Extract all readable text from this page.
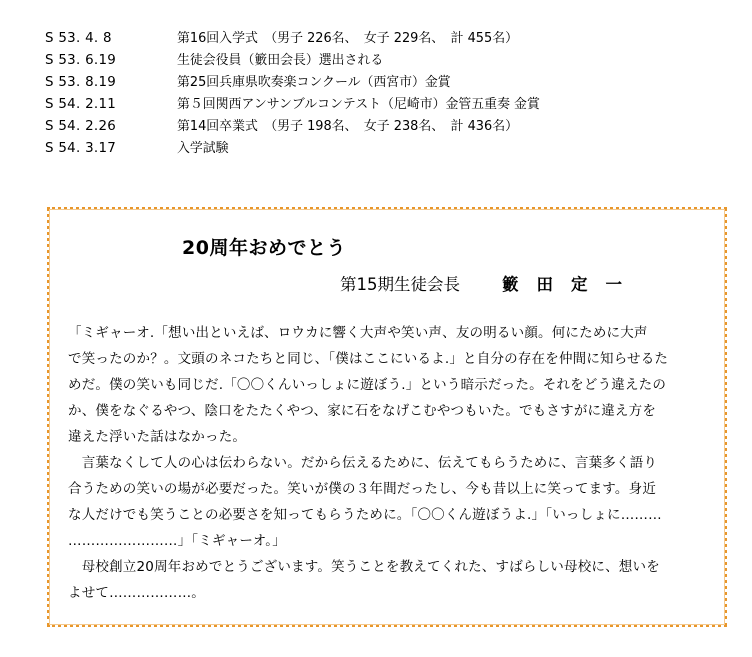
S 53. 4. 8	第16回入学式　（男子 226名、　女子 229名、　計 455名）
S 53. 6.19	生徒会役員（籔田会長）選出される
S 53. 8.19	第25回兵庫県吹奏楽コンクール（西宮市）金賞
S 54. 2.11	第５回関西アンサンブルコンテスト（尼崎市）金管五重奏 金賞
S 54. 2.26	第14回卒業式　（男子 198名、　女子 238名、　計 436名）
S 54. 3.17	入学試験
20周年おめでとう
第15期生徒会長	籔田定一
「ミギャーオ.「想い出といえば、ロウカに響く大声や笑い声、友の明るい顔。何にために大声
で笑ったのか？。文頭のネコたちと同じ、「僕はここにいるよ.」と自分の存在を仲間に知らせるた
めだ。僕の笑いも同じだ.「〇〇くんいっしょに遊ぼう.」という暗示だった。それをどう違えたの
か、僕をなぐるやつ、陰口をたたくやつ、家に石をなげこむやつもいた。でもさすがに違え方を
違えた浮いた話はなかった。
　言葉なくして人の心は伝わらない。だから伝えるために、伝えてもらうために、言葉多く語り
合うための笑いの場が必要だった。笑いが僕の３年間だったし、今も昔以上に笑ってます。身近
な人だけでも笑うことの必要さを知ってもらうために。「〇〇くん遊ぼうよ.」「いっしょに………
……………………」「ミギャーオ。」
　母校創立20周年おめでとうございます。笑うことを教えてくれた、すばらしい母校に、想いを
よせて………………。
